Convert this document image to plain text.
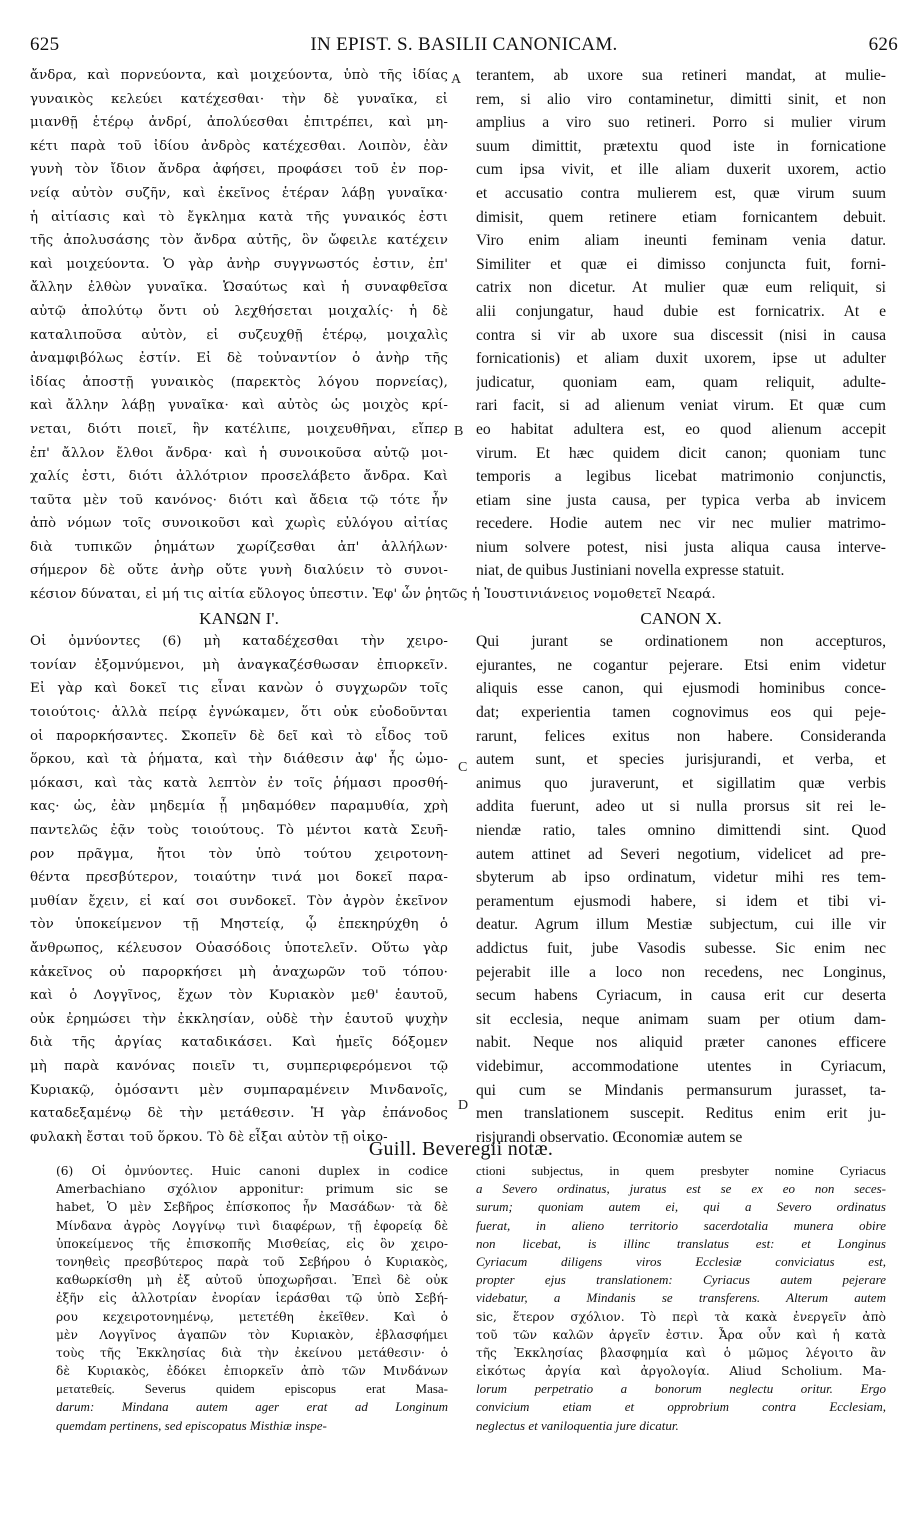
625	IN EPIST. S. BASILII CANONICAM.	626
A
B
C
D
ἄνδρα, καὶ πορνεύοντα, καὶ μοιχεύοντα, ὑπὸ τῆς ἰδίας
γυναικὸς κελεύει κατέχεσθαι· τὴν δὲ γυναῖκα, εἰ
μιανθῇ ἑτέρῳ ἀνδρί, ἀπολύεσθαι ἐπιτρέπει, καὶ μη-
κέτι παρὰ τοῦ ἰδίου ἀνδρὸς κατέχεσθαι. Λοιπὸν, ἐὰν
γυνὴ τὸν ἴδιον ἄνδρα ἀφήσει, προφάσει τοῦ ἐν πορ-
νείᾳ αὐτὸν συζῆν, καὶ ἐκεῖνος ἑτέραν λάβῃ γυναῖκα·
ἡ αἰτίασις καὶ τὸ ἔγκλημα κατὰ τῆς γυναικός ἐστι
τῆς ἀπολυσάσης τὸν ἄνδρα αὐτῆς, ὃν ὤφειλε κατέχειν
καὶ μοιχεύοντα. Ὁ γὰρ ἀνὴρ συγγνωστός ἐστιν, ἐπ'
ἄλλην ἐλθὼν γυναῖκα. Ὡσαύτως καὶ ἡ συναφθεῖσα
αὐτῷ ἀπολύτῳ ὄντι οὐ λεχθήσεται μοιχαλίς· ἡ δὲ
καταλιποῦσα αὐτὸν, εἰ συζευχθῇ ἑτέρῳ, μοιχαλὶς
ἀναμφιβόλως ἐστίν. Εἰ δὲ τοὐναντίον ὁ ἀνὴρ τῆς
ἰδίας ἀποστῇ γυναικὸς (παρεκτὸς λόγου πορνείας),
καὶ ἄλλην λάβῃ γυναῖκα· καὶ αὐτὸς ὡς μοιχὸς κρί-
νεται, διότι ποιεῖ, ἣν κατέλιπε, μοιχευθῆναι, εἴπερ
ἐπ' ἄλλον ἔλθοι ἄνδρα· καὶ ἡ συνοικοῦσα αὐτῷ μοι-
χαλίς ἐστι, διότι ἀλλότριον προσελάβετο ἄνδρα. Καὶ
ταῦτα μὲν τοῦ κανόνος· διότι καὶ ἄδεια τῷ τότε ἦν
ἀπὸ νόμων τοῖς συνοικοῦσι καὶ χωρὶς εὐλόγου αἰτίας
διὰ τυπικῶν ῥημάτων χωρίζεσθαι ἀπ' ἀλλήλων·
σήμερον δὲ οὔτε ἀνὴρ οὔτε γυνὴ διαλύειν τὸ συνοι-
κέσιον δύναται, εἰ μή τις αἰτία εὔλογος ὑπεστιν. Ἐφ' ὧν ῥητῶς ἡ Ἰουστινιάνειος νομοθετεῖ Νεαρά.
ΚΑΝΩΝ Ι'.
Οἱ ὀμνύοντες (6) μὴ καταδέχεσθαι τὴν χειρο-
τονίαν ἐξομνύμενοι, μὴ ἀναγκαζέσθωσαν ἐπιορκεῖν.
Εἰ γὰρ καὶ δοκεῖ τις εἶναι κανὼν ὁ συγχωρῶν τοῖς
τοιούτοις· ἀλλὰ πείρᾳ ἐγνώκαμεν, ὅτι οὐκ εὐοδοῦνται
οἱ παρορκήσαντες. Σκοπεῖν δὲ δεῖ καὶ τὸ εἶδος τοῦ
ὅρκου, καὶ τὰ ῥήματα, καὶ τὴν διάθεσιν ἀφ' ἧς ὠμο-
μόκασι, καὶ τὰς κατὰ λεπτὸν ἐν τοῖς ῥήμασι προσθή-
κας· ὡς, ἐὰν μηδεμία ᾖ μηδαμόθεν παραμυθία, χρὴ
παντελῶς ἐᾷν τοὺς τοιούτους. Τὸ μέντοι κατὰ Σευῆ-
ρον πρᾶγμα, ἤτοι τὸν ὑπὸ τούτου χειροτονη-
θέντα πρεσβύτερον, τοιαύτην τινά μοι δοκεῖ παρα-
μυθίαν ἔχειν, εἰ καί σοι συνδοκεῖ. Τὸν ἀγρὸν ἐκεῖνον
τὸν ὑποκείμενον τῇ Μηστείᾳ, ᾧ ἐπεκηρύχθη ὁ
ἄνθρωπος, κέλευσον Οὐασόδοις ὑποτελεῖν. Οὕτω γὰρ
κἀκεῖνος οὐ παρορκήσει μὴ ἀναχωρῶν τοῦ τόπου·
καὶ ὁ Λογγῖνος, ἔχων τὸν Κυριακὸν μεθ' ἑαυτοῦ,
οὐκ ἐρημώσει τὴν ἐκκλησίαν, οὐδὲ τὴν ἑαυτοῦ ψυχὴν
διὰ τῆς ἀργίας καταδικάσει. Καὶ ἡμεῖς δόξομεν
μὴ παρὰ κανόνας ποιεῖν τι, συμπεριφερόμενοι τῷ
Κυριακῷ, ὀμόσαντι μὲν συμπαραμένειν Μινδανοῖς,
καταδεξαμένῳ δὲ τὴν μετάθεσιν. Ἡ γὰρ ἐπάνοδος
φυλακὴ ἔσται τοῦ ὅρκου. Τὸ δὲ εἶξαι αὐτὸν τῇ οἰκο-
terantem, ab uxore sua retineri mandat, at mulie-
rem, si alio viro contaminetur, dimitti sinit, et non
amplius a viro suo retineri. Porro si mulier virum
suum dimittit, prætextu quod iste in fornicatione
cum ipsa vivit, et ille aliam duxerit uxorem, actio
et accusatio contra mulierem est, quæ virum suum
dimisit, quem retinere etiam fornicantem debuit.
Viro enim aliam ineunti feminam venia datur.
Similiter et quæ ei dimisso conjuncta fuit, forni-
catrix non dicetur. At mulier quæ eum reliquit, si
alii conjungatur, haud dubie est fornicatrix. At e
contra si vir ab uxore sua discessit (nisi in causa
fornicationis) et aliam duxit uxorem, ipse ut adulter
judicatur, quoniam eam, quam reliquit, adulte-
rari facit, si ad alienum veniat virum. Et quæ cum
eo habitat adultera est, eo quod alienum accepit
virum. Et hæc quidem dicit canon; quoniam tunc
temporis a legibus licebat matrimonio conjunctis,
etiam sine justa causa, per typica verba ab invicem
recedere. Hodie autem nec vir nec mulier matrimo-
nium solvere potest, nisi justa aliqua causa interve-
niat, de quibus Justiniani novella expresse statuit.
CANON X.
Qui jurant se ordinationem non accepturos,
ejurantes, ne cogantur pejerare. Etsi enim videtur
aliquis esse canon, qui ejusmodi hominibus conce-
dat; experientia tamen cognovimus eos qui peje-
rarunt, felices exitus non habere. Consideranda
autem sunt, et species jurisjurandi, et verba, et
animus quo juraverunt, et sigillatim quæ verbis
addita fuerunt, adeo ut si nulla prorsus sit rei le-
niendæ ratio, tales omnino dimittendi sint. Quod
autem attinet ad Severi negotium, videlicet ad pre-
sbyterum ab ipso ordinatum, videtur mihi res tem-
peramentum ejusmodi habere, si idem et tibi vi-
deatur. Agrum illum Mestiæ subjectum, cui ille vir
addictus fuit, jube Vasodis subesse. Sic enim nec
pejerabit ille a loco non recedens, nec Longinus,
secum habens Cyriacum, in causa erit cur deserta
sit ecclesia, neque animam suam per otium dam-
nabit. Neque nos aliquid præter canones efficere
videbimur, accommodatione utentes in Cyriacum,
qui cum se Mindanis permansurum jurasset, ta-
men translationem suscepit. Reditus enim erit ju-
risjurandi observatio. Œconomiæ autem se
Guill. Beveregii notæ.
(6) Οἱ ὀμνύοντες. Huic canoni duplex in codice
Amerbachiano σχόλιον apponitur: primum sic se
habet, Ὁ μὲν Σεβῆρος ἐπίσκοπος ἦν Μασάδων· τὰ δὲ
Μίνδανα ἀγρὸς Λογγίνῳ τινὶ διαφέρων, τῇ ἐφορείᾳ δὲ
ὑποκείμενος τῆς ἐπισκοπῆς Μισθείας, εἰς ὃν χειρο-
τονηθεὶς πρεσβύτερος παρὰ τοῦ Σεβήρου ὁ Κυριακὸς,
καθωρκίσθη μὴ ἐξ αὐτοῦ ὑποχωρῆσαι. Ἐπεὶ δὲ οὐκ
ἐξῆν εἰς ἀλλοτρίαν ἐνορίαν ἱεράσθαι τῷ ὑπὸ Σεβή-
ρου κεχειροτονημένῳ, μετετέθη ἐκεῖθεν. Καὶ ὁ
μὲν Λογγῖνος ἀγαπῶν τὸν Κυριακὸν, ἐβλασφήμει
τοὺς τῆς Ἐκκλησίας διὰ τὴν ἐκείνου μετάθεσιν· ὁ
δὲ Κυριακὸς, ἐδόκει ἐπιορκεῖν ἀπὸ τῶν Μινδάνων
μετατεθείς. Severus quidem episcopus erat Masa-
darum: Mindana autem ager erat ad Longinum
quemdam pertinens, sed episcopatus Misthiæ inspe-
ctioni subjectus, in quem presbyter nomine Cyriacus
a Severo ordinatus, juratus est se ex eo non seces-
surum; quoniam autem ei, qui a Severo ordinatus
fuerat, in alieno territorio sacerdotalia munera obire
non licebat, is illinc translatus est: et Longinus
Cyriacum diligens viros Ecclesiæ conviciatus est,
propter ejus translationem: Cyriacus autem pejerare
videbatur, a Mindanis se transferens. Alterum autem
sic, ἕτερον σχόλιον. Τὸ περὶ τὰ κακὰ ἐνεργεῖν ἀπὸ
τοῦ τῶν καλῶν ἀργεῖν ἐστιν. Ἆρα οὖν καὶ ἡ κατὰ
τῆς Ἐκκλησίας βλασφημία καὶ ὁ μῶμος λέγοιτο ἂν
εἰκότως ἀργία καὶ ἀργολογία. Aliud Scholium. Ma-
lorum perpetratio a bonorum neglectu oritur. Ergo
convicium etiam et opprobrium contra Ecclesiam,
neglectus et vaniloquentia jure dicatur.
